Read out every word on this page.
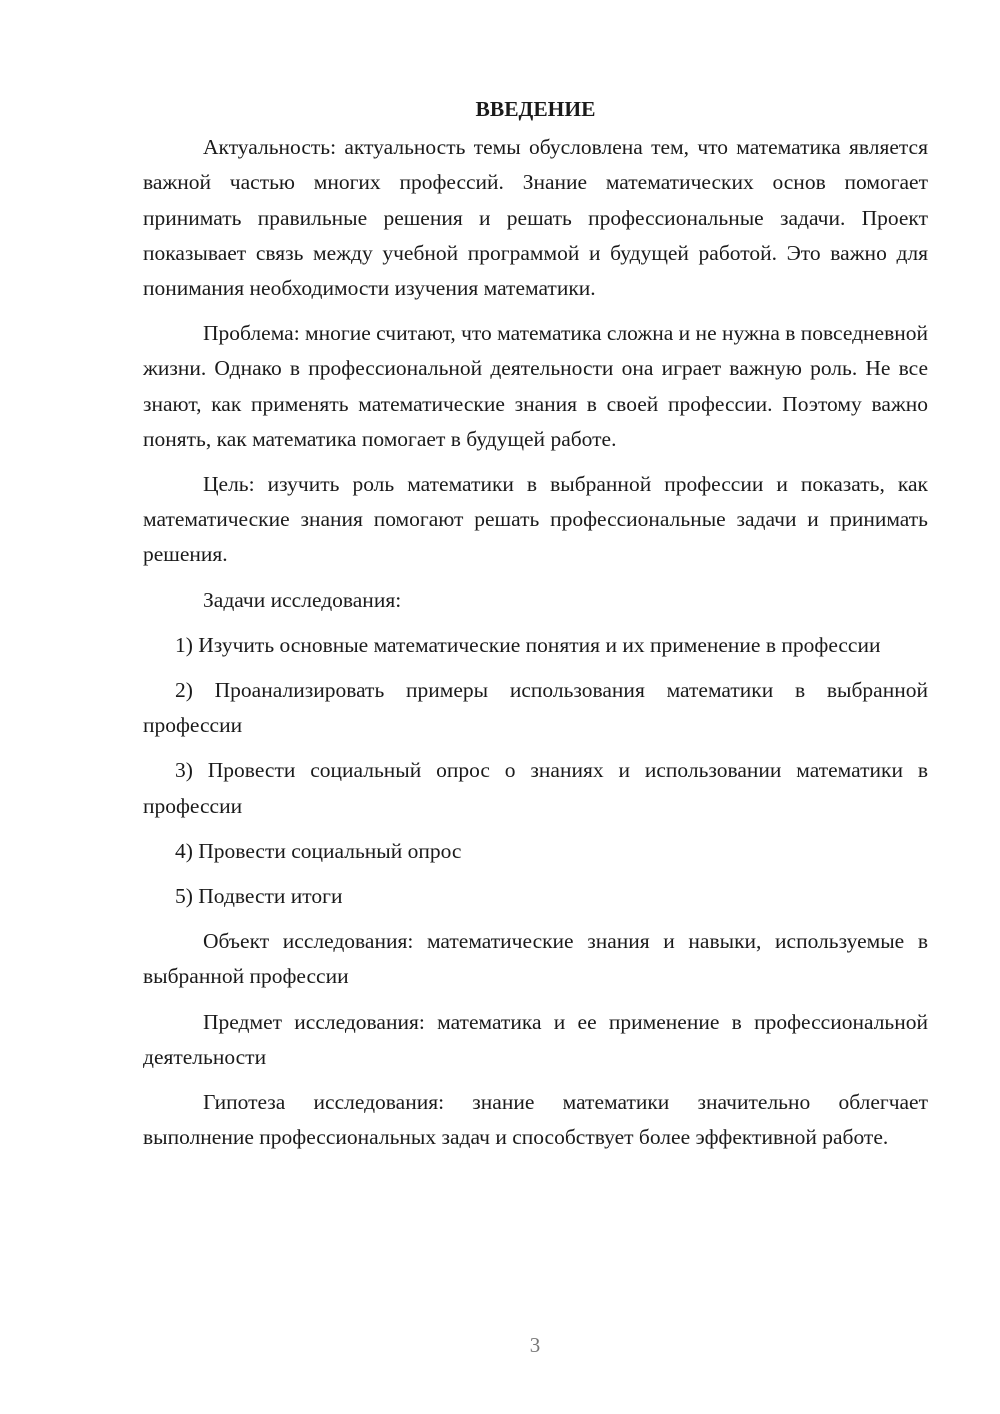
ВВЕДЕНИЕ

Актуальность: актуальность темы обусловлена тем, что математика является важной частью многих профессий. Знание математических основ помогает принимать правильные решения и решать профессиональные задачи. Проект показывает связь между учебной программой и будущей работой. Это важно для понимания необходимости изучения математики.

Проблема: многие считают, что математика сложна и не нужна в повседневной жизни. Однако в профессиональной деятельности она играет важную роль. Не все знают, как применять математические знания в своей профессии. Поэтому важно понять, как математика помогает в будущей работе.

Цель: изучить роль математики в выбранной профессии и показать, как математические знания помогают решать профессиональные задачи и принимать решения.

Задачи исследования:

1) Изучить основные математические понятия и их применение в профессии

2) Проанализировать примеры использования математики в выбранной профессии

3) Провести социальный опрос о знаниях и использовании математики в профессии

4) Провести социальный опрос

5) Подвести итоги

Объект исследования: математические знания и навыки, используемые в выбранной профессии

Предмет исследования: математика и ее применение в профессиональной деятельности

Гипотеза исследования: знание математики значительно облегчает выполнение профессиональных задач и способствует более эффективной работе.

3
